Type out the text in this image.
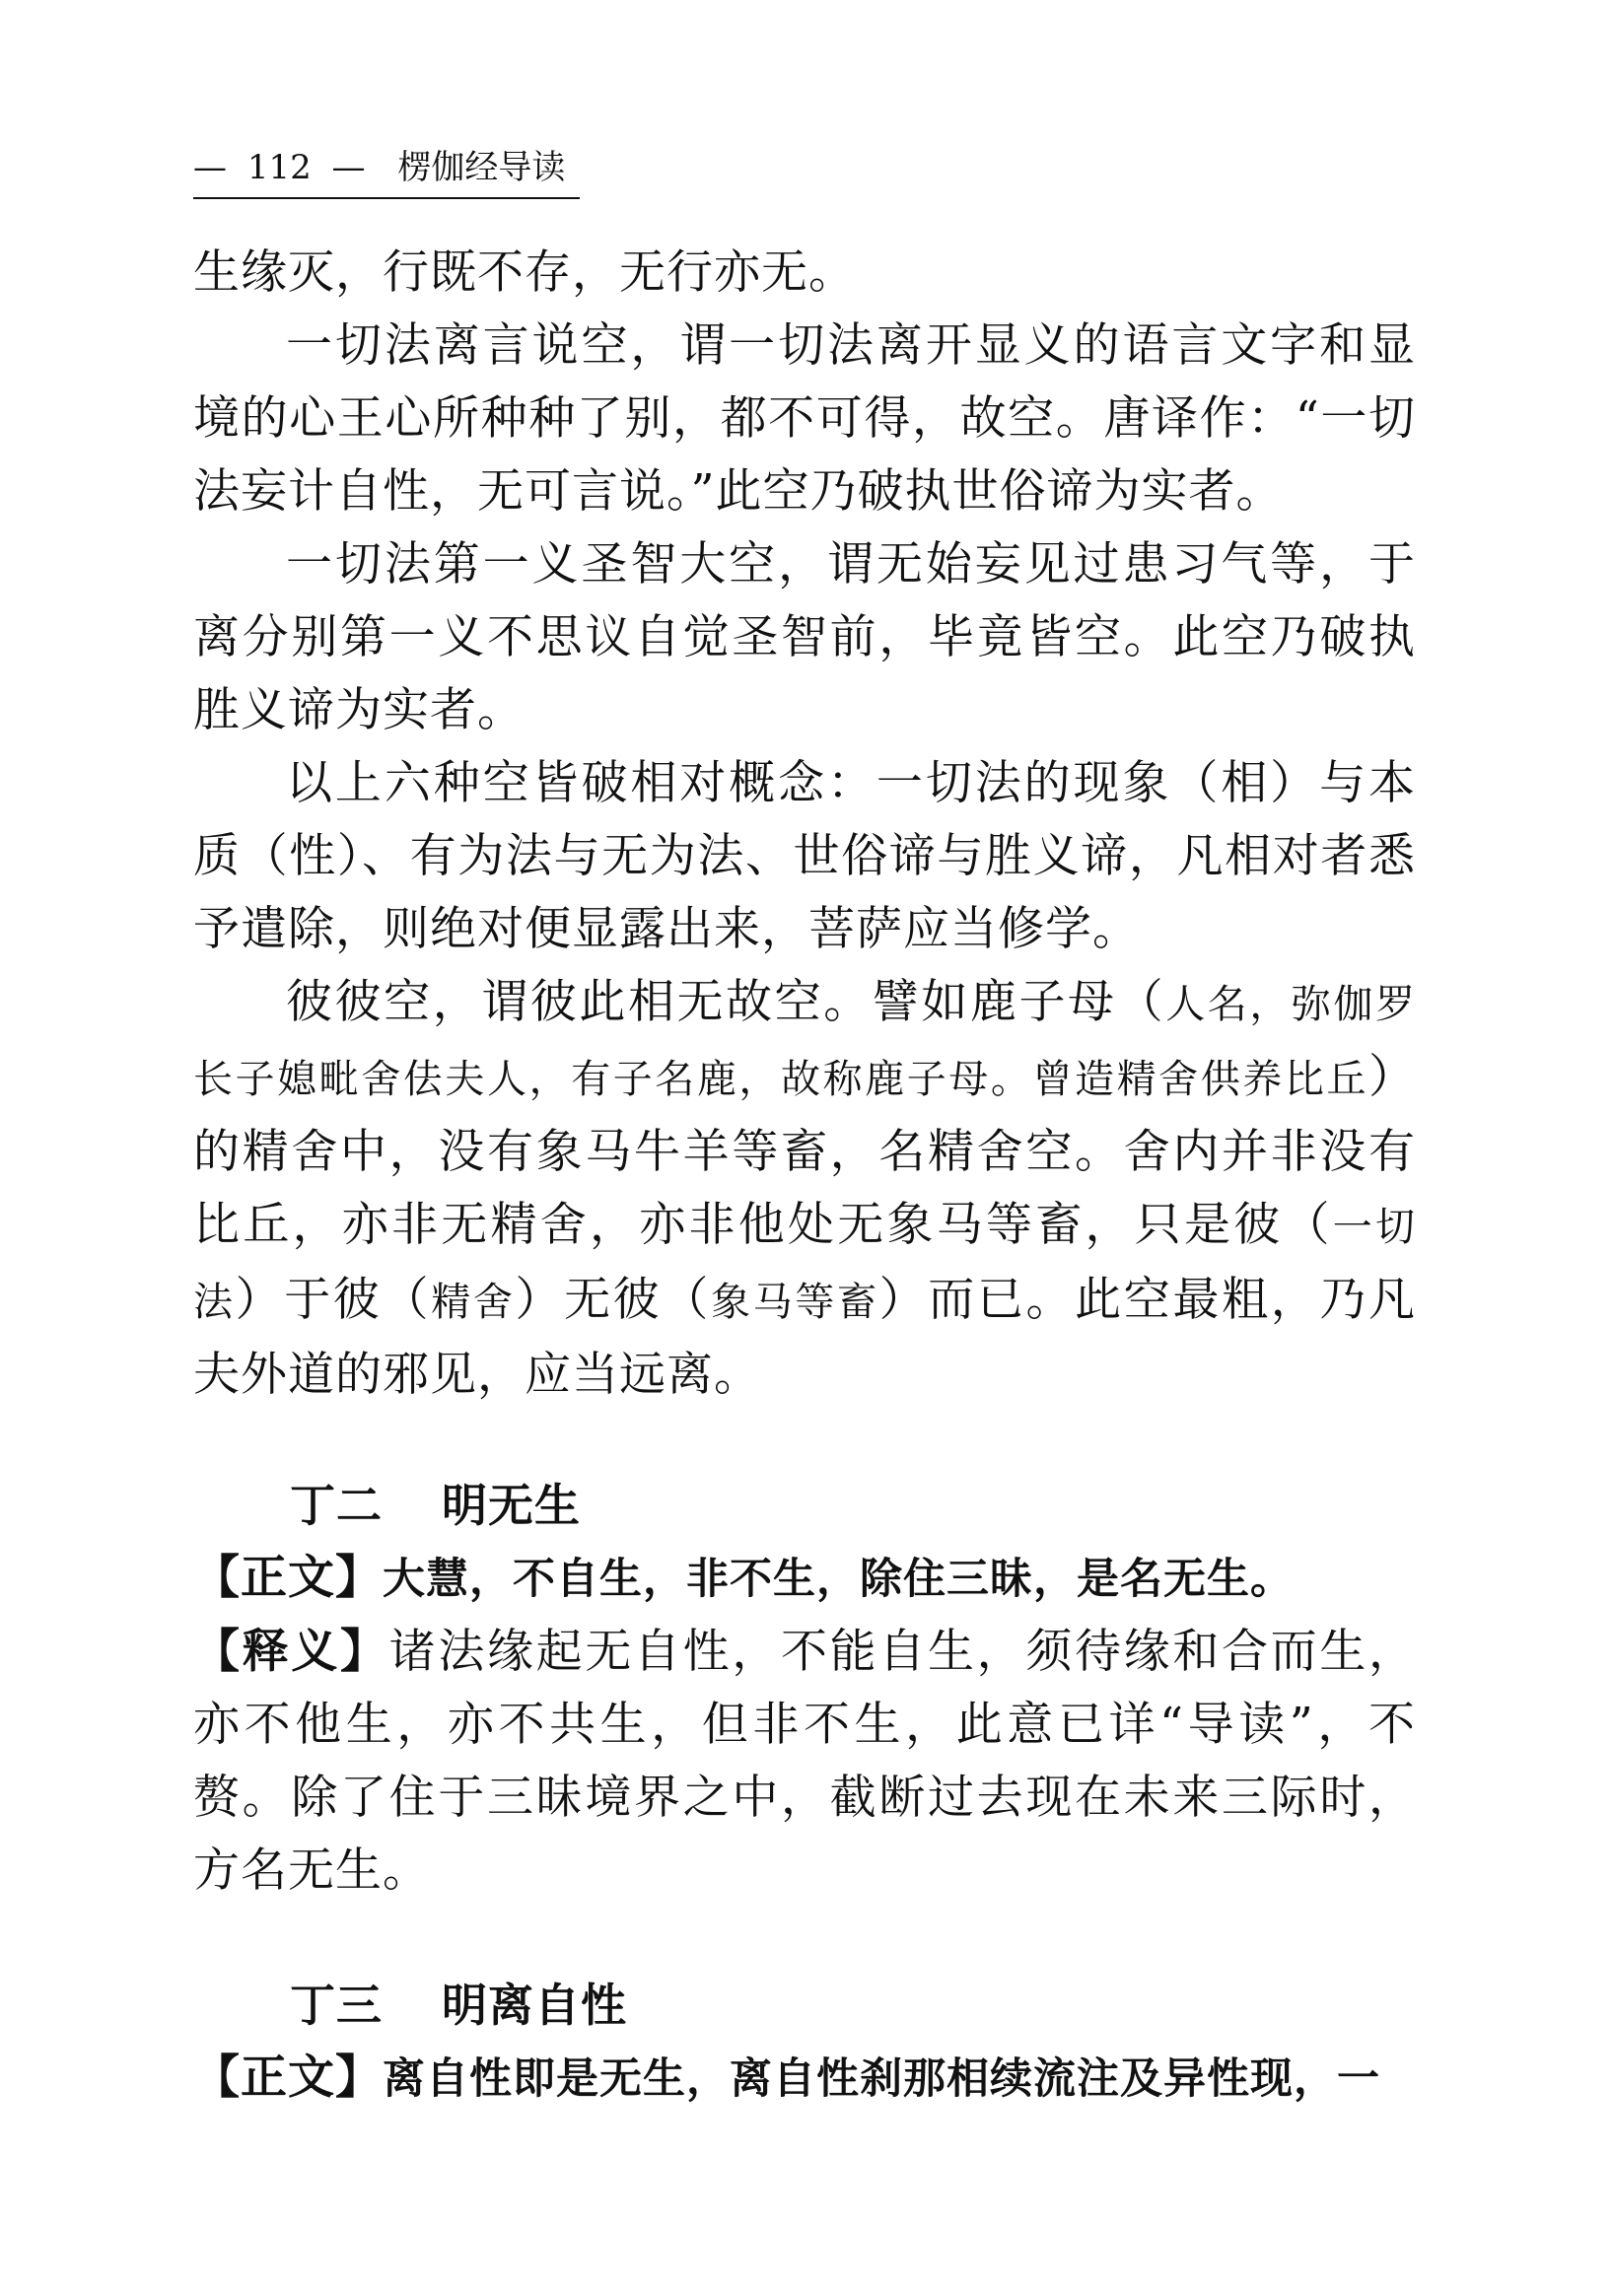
— 112 — 楞伽经导读

生缘灭，行既不存，无行亦无。

一切法离言说空，谓一切法离开显义的语言文字和显境的心王心所种种了别，都不可得，故空。唐译作：“一切法妄计自性，无可言说。”此空乃破执世俗谛为实者。

一切法第一义圣智大空，谓无始妄见过患习气等，于离分别第一义不思议自觉圣智前，毕竟皆空。此空乃破执胜义谛为实者。

以上六种空皆破相对概念：一切法的现象（相）与本质（性）、有为法与无为法、世俗谛与胜义谛，凡相对者悉予遣除，则绝对便显露出来，菩萨应当修学。

彼彼空，谓彼此相无故空。譬如鹿子母（人名，弥伽罗长子媳毗舍佉夫人，有子名鹿，故称鹿子母。曾造精舍供养比丘）的精舍中，没有象马牛羊等畜，名精舍空。舍内并非没有比丘，亦非无精舍，亦非他处无象马等畜，只是彼（一切法）于彼（精舍）无彼（象马等畜）而已。此空最粗，乃凡夫外道的邪见，应当远离。

丁二 明无生

【正文】大慧，不自生，非不生，除住三昧，是名无生。

【释义】诸法缘起无自性，不能自生，须待缘和合而生，亦不他生，亦不共生，但非不生，此意已详“导读”，不赘。除了住于三昧境界之中，截断过去现在未来三际时，方名无生。

丁三 明离自性

【正文】离自性即是无生，离自性刹那相续流注及异性现，一
